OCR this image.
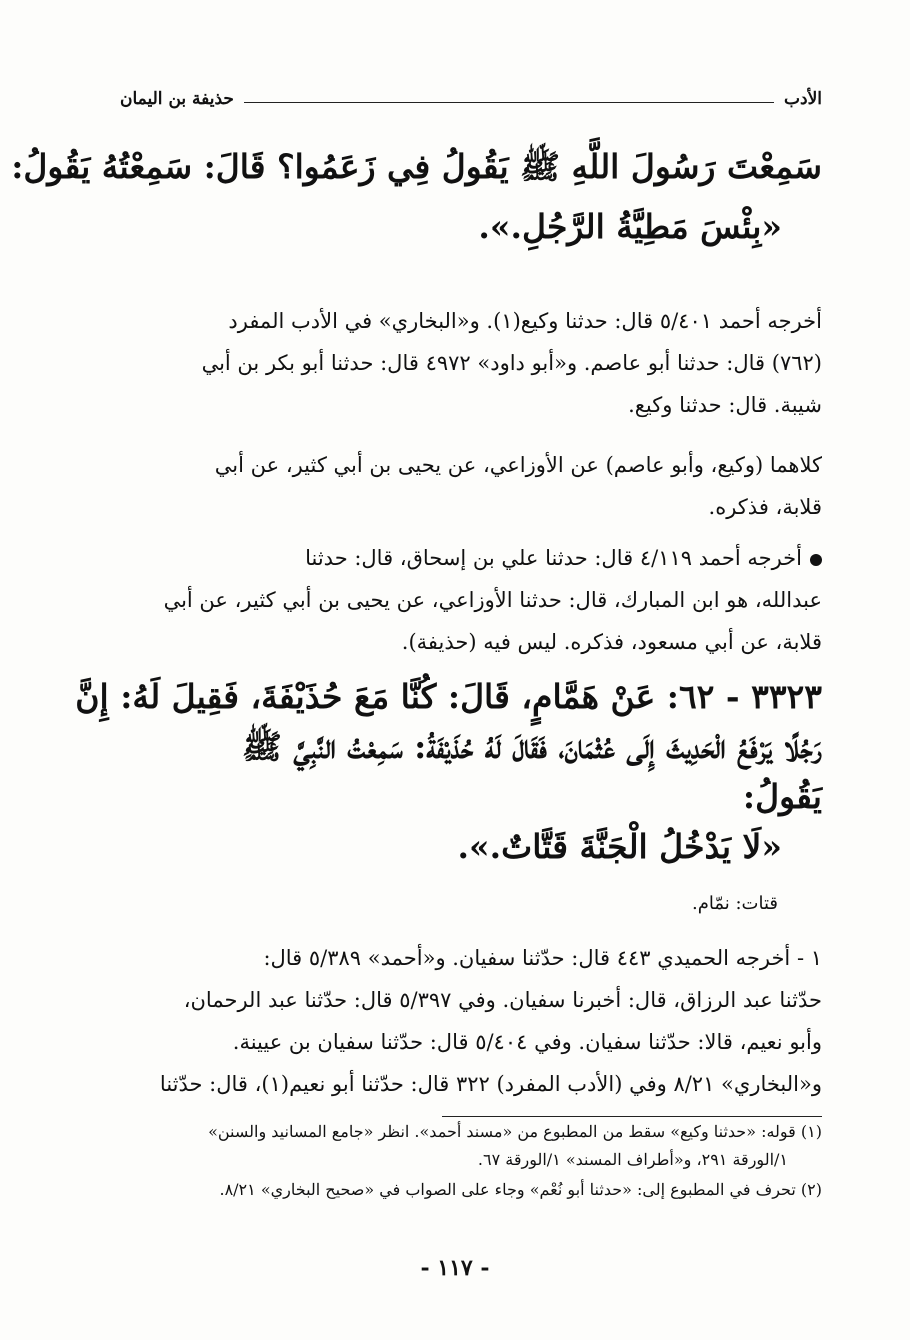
الأدب
حذيفة بن اليمان
سَمِعْتَ رَسُولَ اللَّهِ ﷺ يَقُولُ فِي زَعَمُوا؟ قَالَ: سَمِعْتُهُ يَقُولُ:
«بِئْسَ مَطِيَّةُ الرَّجُلِ.».
أخرجه أحمد ٥/٤٠١ قال: حدثنا وكيع(١). و«البخاري» في الأدب المفرد
(٧٦٢) قال: حدثنا أبو عاصم. و«أبو داود» ٤٩٧٢ قال: حدثنا أبو بكر بن أبي
شيبة. قال: حدثنا وكيع.
كلاهما (وكيع، وأبو عاصم) عن الأوزاعي، عن يحيى بن أبي كثير، عن أبي
قلابة، فذكره.
أخرجه أحمد ٤/١١٩ قال: حدثنا علي بن إسحاق، قال: حدثنا
عبدالله، هو ابن المبارك، قال: حدثنا الأوزاعي، عن يحيى بن أبي كثير، عن أبي
قلابة، عن أبي مسعود، فذكره. ليس فيه (حذيفة).
٣٣٢٣ - ٦٢: عَنْ هَمَّامٍ، قَالَ: كُنَّا مَعَ حُذَيْفَةَ، فَقِيلَ لَهُ: إِنَّ
رَجُلًا يَرْفَعُ الْحَدِيثَ إِلَى عُثْمَانَ، فَقَالَ لَهُ حُذَيْفَةُ: سَمِعْتُ النَّبِيَّ ﷺ
يَقُولُ:
«لَا يَدْخُلُ الْجَنَّةَ قَتَّاتٌ.».
قتات: نمّام.
١ - أخرجه الحميدي ٤٤٣ قال: حدّثنا سفيان. و«أحمد» ٥/٣٨٩ قال:
حدّثنا عبد الرزاق، قال: أخبرنا سفيان. وفي ٥/٣٩٧ قال: حدّثنا عبد الرحمان،
وأبو نعيم، قالا: حدّثنا سفيان. وفي ٥/٤٠٤ قال: حدّثنا سفيان بن عيينة.
و«البخاري» ٨/٢١ وفي (الأدب المفرد) ٣٢٢ قال: حدّثنا أبو نعيم(١)، قال: حدّثنا
(١) قوله: «حدثنا وكيع» سقط من المطبوع من «مسند أحمد». انظر «جامع المسانيد والسنن»
١/الورقة ٢٩١، و«أطراف المسند» ١/الورقة ٦٧.
(٢) تحرف في المطبوع إلى: «حدثنا أبو نُعْم» وجاء على الصواب في «صحيح البخاري» ٨/٢١.
- ١١٧ -
